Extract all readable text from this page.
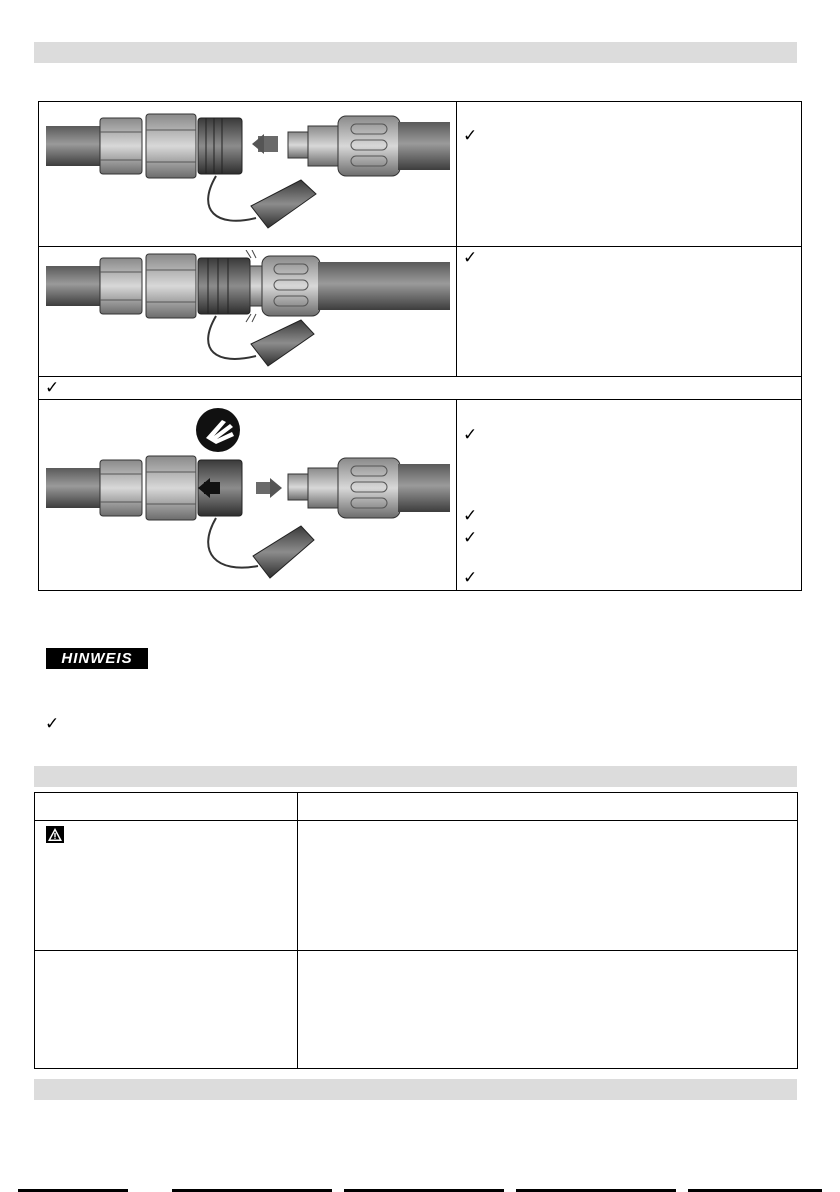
✓
✓
✓
✓
✓
✓
✓
HINWEIS
✓
